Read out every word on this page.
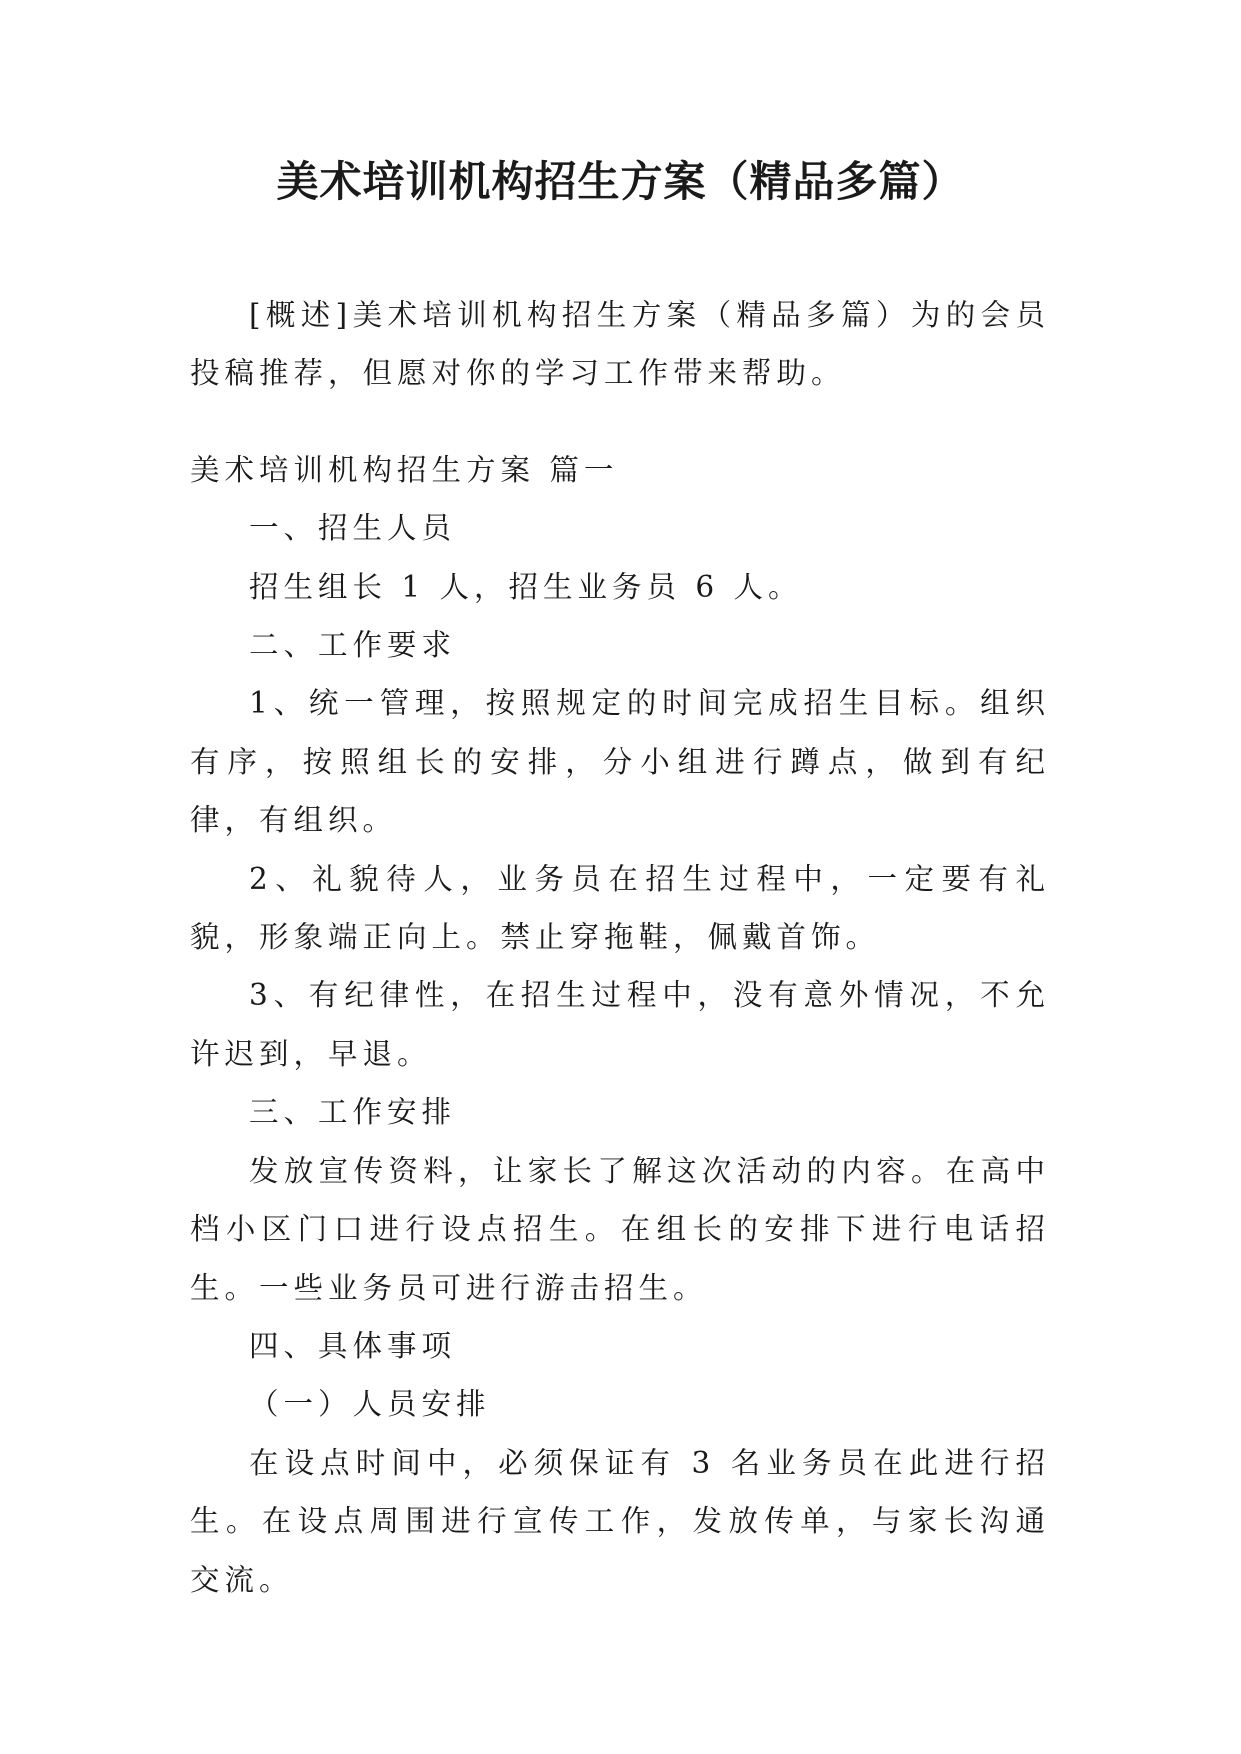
美术培训机构招生方案（精品多篇）

[概述]美术培训机构招生方案（精品多篇）为的会员投稿推荐，但愿对你的学习工作带来帮助。

美术培训机构招生方案 篇一

一、招生人员

招生组长 1 人，招生业务员 6 人。

二、工作要求

1、统一管理，按照规定的时间完成招生目标。组织有序，按照组长的安排，分小组进行蹲点，做到有纪律，有组织。

2、礼貌待人，业务员在招生过程中，一定要有礼貌，形象端正向上。禁止穿拖鞋，佩戴首饰。

3、有纪律性，在招生过程中，没有意外情况，不允许迟到，早退。

三、工作安排

发放宣传资料，让家长了解这次活动的内容。在高中档小区门口进行设点招生。在组长的安排下进行电话招生。一些业务员可进行游击招生。

四、具体事项

（一）人员安排

在设点时间中，必须保证有 3 名业务员在此进行招生。在设点周围进行宣传工作，发放传单，与家长沟通交流。
